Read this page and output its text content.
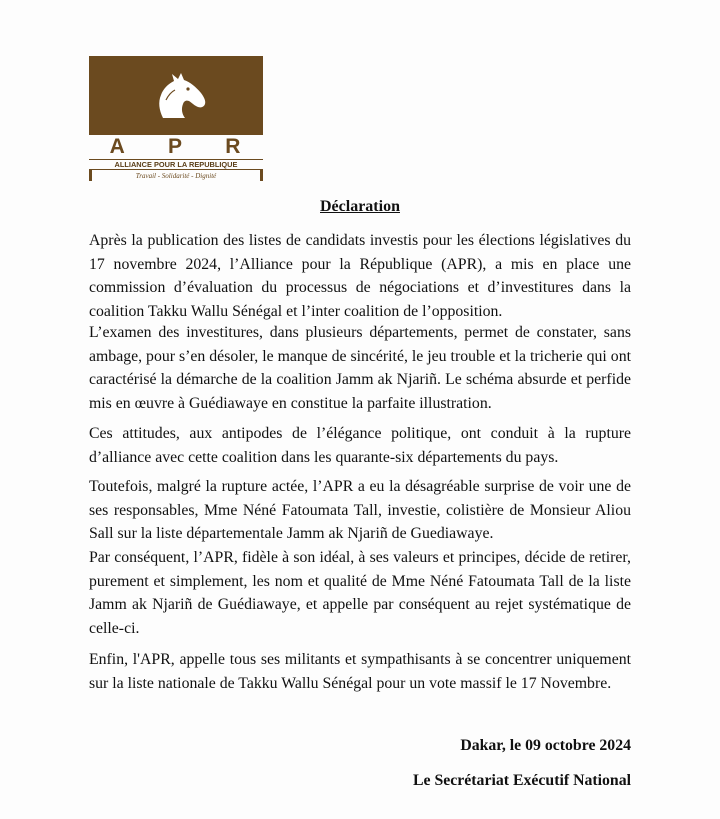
A P R
ALLIANCE POUR LA REPUBLIQUE
Travail - Solidarité - Dignité
Déclaration

Après la publication des listes de candidats investis pour les élections législatives du 17 novembre 2024, l’Alliance pour la République (APR), a mis en place une commission d’évaluation du processus de négociations et d’investitures dans la coalition Takku Wallu Sénégal et l’inter coalition de l’opposition.

L’examen des investitures, dans plusieurs départements, permet de constater, sans ambage, pour s’en désoler, le manque de sincérité, le jeu trouble et la tricherie qui ont caractérisé la démarche de la coalition Jamm ak Njariñ. Le schéma absurde et perfide mis en œuvre à Guédiawaye en constitue la parfaite illustration.

Ces attitudes, aux antipodes de l’élégance politique, ont conduit à la rupture d’alliance avec cette coalition dans les quarante-six départements du pays.

Toutefois, malgré la rupture actée, l’APR a eu la désagréable surprise de voir une de ses responsables, Mme Néné Fatoumata Tall, investie, colistière de Monsieur Aliou Sall sur la liste départementale Jamm ak Njariñ de Guediawaye.

Par conséquent, l’APR, fidèle à son idéal, à ses valeurs et principes, décide de retirer, purement et simplement, les nom et qualité de Mme Néné Fatoumata Tall de la liste Jamm ak Njariñ de Guédiawaye, et appelle par conséquent au rejet systématique de celle-ci.

Enfin, l'APR, appelle tous ses militants et sympathisants à se concentrer uniquement sur la liste nationale de Takku Wallu Sénégal pour un vote massif le 17 Novembre.

Dakar, le 09 octobre 2024
Le Secrétariat Exécutif National
